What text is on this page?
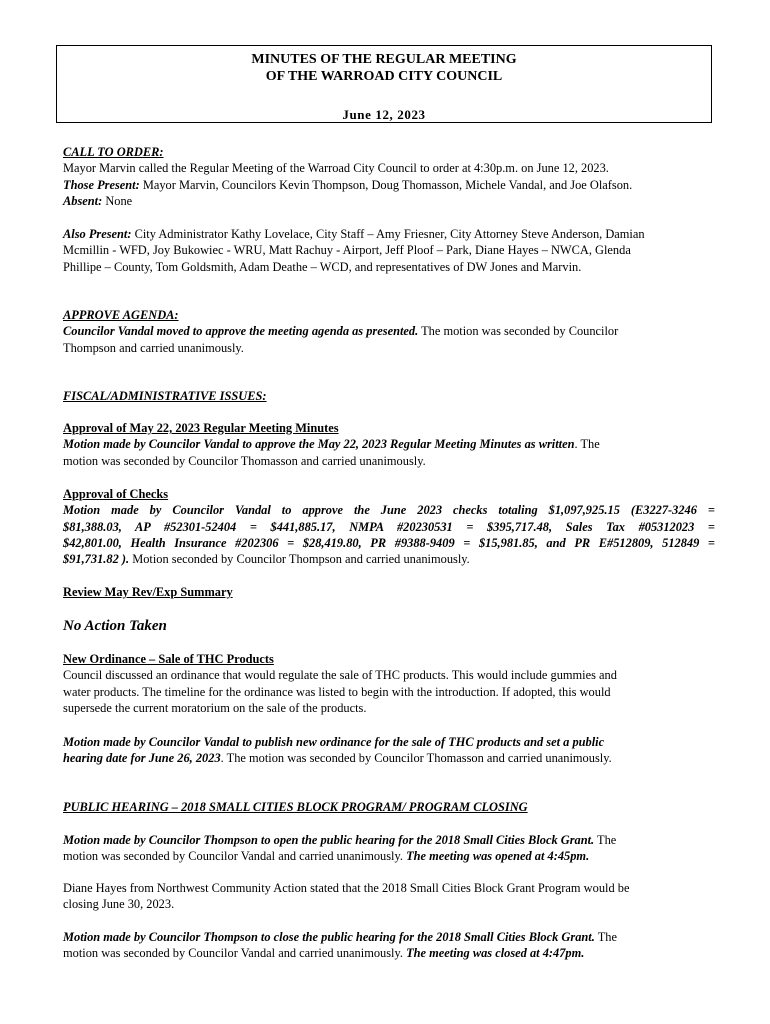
MINUTES OF THE REGULAR MEETING
OF THE WARROAD CITY COUNCIL
June 12, 2023
CALL TO ORDER:
Mayor Marvin called the Regular Meeting of the Warroad City Council to order at 4:30p.m. on June 12, 2023.
Those Present: Mayor Marvin, Councilors Kevin Thompson, Doug Thomasson, Michele Vandal, and Joe Olafson.
Absent: None
Also Present: City Administrator Kathy Lovelace, City Staff – Amy Friesner, City Attorney Steve Anderson, Damian
Mcmillin - WFD, Joy Bukowiec - WRU, Matt Rachuy - Airport, Jeff Ploof – Park, Diane Hayes – NWCA, Glenda
Phillipe – County, Tom Goldsmith, Adam Deathe – WCD, and representatives of DW Jones and Marvin.
APPROVE AGENDA:
Councilor Vandal moved to approve the meeting agenda as presented. The motion was seconded by Councilor
Thompson and carried unanimously.
FISCAL/ADMINISTRATIVE ISSUES:
Approval of May 22, 2023 Regular Meeting Minutes
Motion made by Councilor Vandal to approve the May 22, 2023 Regular Meeting Minutes as written. The
motion was seconded by Councilor Thomasson and carried unanimously.
Approval of Checks
Motion made by Councilor Vandal to approve the June 2023 checks totaling $1,097,925.15 (E3227-3246 =
$81,388.03, AP #52301-52404 = $441,885.17, NMPA #20230531 = $395,717.48, Sales Tax #05312023 =
$42,801.00, Health Insurance #202306 = $28,419.80, PR #9388-9409 = $15,981.85, and PR E#512809, 512849 =
$91,731.82 ). Motion seconded by Councilor Thompson and carried unanimously.
Review May Rev/Exp Summary
No Action Taken
New Ordinance – Sale of THC Products
Council discussed an ordinance that would regulate the sale of THC products. This would include gummies and
water products. The timeline for the ordinance was listed to begin with the introduction. If adopted, this would
supersede the current moratorium on the sale of the products.
Motion made by Councilor Vandal to publish new ordinance for the sale of THC products and set a public
hearing date for June 26, 2023. The motion was seconded by Councilor Thomasson and carried unanimously.
PUBLIC HEARING – 2018 SMALL CITIES BLOCK PROGRAM/ PROGRAM CLOSING
Motion made by Councilor Thompson to open the public hearing for the 2018 Small Cities Block Grant. The
motion was seconded by Councilor Vandal and carried unanimously. The meeting was opened at 4:45pm.
Diane Hayes from Northwest Community Action stated that the 2018 Small Cities Block Grant Program would be
closing June 30, 2023.
Motion made by Councilor Thompson to close the public hearing for the 2018 Small Cities Block Grant. The
motion was seconded by Councilor Vandal and carried unanimously. The meeting was closed at 4:47pm.
